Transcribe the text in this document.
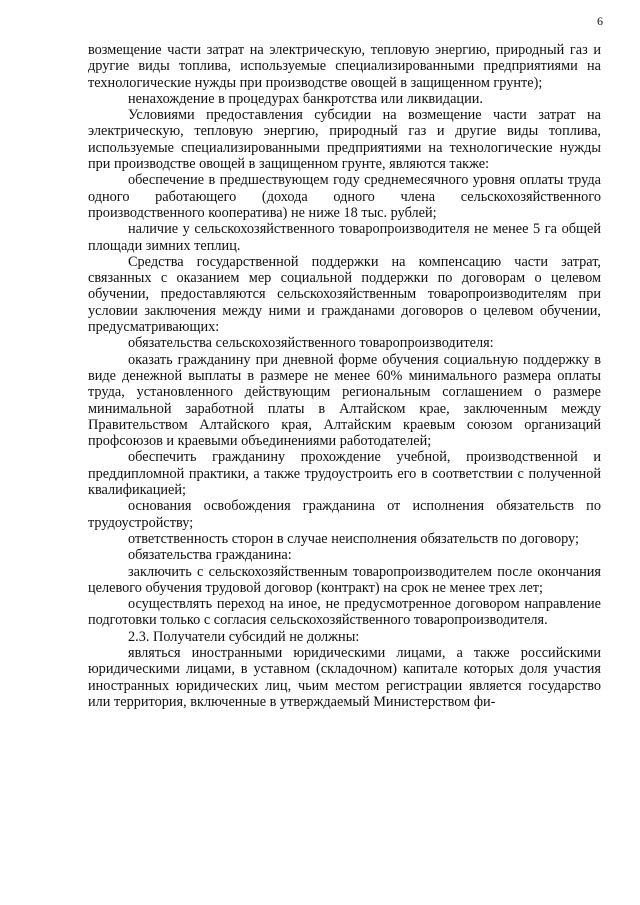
6

возмещение части затрат на электрическую, тепловую энергию, природный газ и другие виды топлива, используемые специализированными предприятиями на технологические нужды при производстве овощей в защищенном грунте);

ненахождение в процедурах банкротства или ликвидации.

Условиями предоставления субсидии на возмещение части затрат на электрическую, тепловую энергию, природный газ и другие виды топлива, используемые специализированными предприятиями на технологические нужды при производстве овощей в защищенном грунте, являются также:

обеспечение в предшествующем году среднемесячного уровня оплаты труда одного работающего (дохода одного члена сельскохозяйственного производственного кооператива) не ниже 18 тыс. рублей;

наличие у сельскохозяйственного товаропроизводителя не менее 5 га общей площади зимних теплиц.

Средства государственной поддержки на компенсацию части затрат, связанных с оказанием мер социальной поддержки по договорам о целевом обучении, предоставляются сельскохозяйственным товаропроизводителям при условии заключения между ними и гражданами договоров о целевом обучении, предусматривающих:

обязательства сельскохозяйственного товаропроизводителя:

оказать гражданину при дневной форме обучения социальную поддержку в виде денежной выплаты в размере не менее 60% минимального размера оплаты труда, установленного действующим региональным соглашением о размере минимальной заработной платы в Алтайском крае, заключенным между Правительством Алтайского края, Алтайским краевым союзом организаций профсоюзов и краевыми объединениями работодателей;

обеспечить гражданину прохождение учебной, производственной и преддипломной практики, а также трудоустроить его в соответствии с полученной квалификацией;

основания освобождения гражданина от исполнения обязательств по трудоустройству;

ответственность сторон в случае неисполнения обязательств по договору;

обязательства гражданина:

заключить с сельскохозяйственным товаропроизводителем после окончания целевого обучения трудовой договор (контракт) на срок не менее трех лет;

осуществлять переход на иное, не предусмотренное договором направление подготовки только с согласия сельскохозяйственного товаропроизводителя.

2.3. Получатели субсидий не должны:

являться иностранными юридическими лицами, а также российскими юридическими лицами, в уставном (складочном) капитале которых доля участия иностранных юридических лиц, чьим местом регистрации является государство или территория, включенные в утверждаемый Министерством фи-
